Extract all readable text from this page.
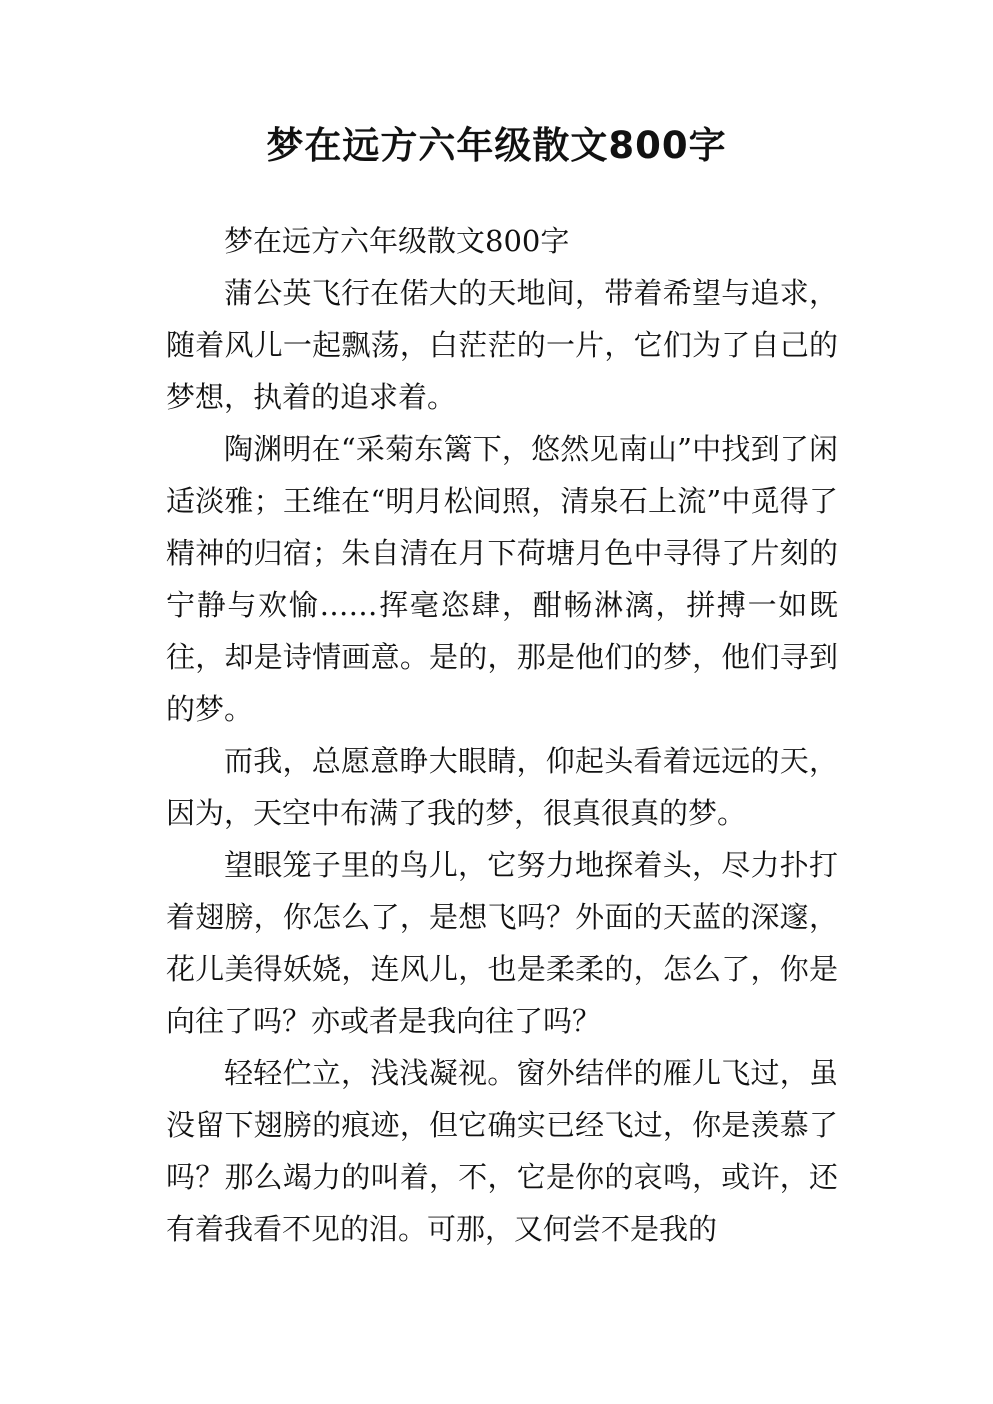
梦在远方六年级散文800字

梦在远方六年级散文800字

蒲公英飞行在偌大的天地间，带着希望与追求，随着风儿一起飘荡，白茫茫的一片，它们为了自己的梦想，执着的追求着。

陶渊明在“采菊东篱下，悠然见南山”中找到了闲适淡雅；王维在“明月松间照，清泉石上流”中觅得了精神的归宿；朱自清在月下荷塘月色中寻得了片刻的宁静与欢愉……挥毫恣肆，酣畅淋漓，拼搏一如既往，却是诗情画意。是的，那是他们的梦，他们寻到的梦。

而我，总愿意睁大眼睛，仰起头看着远远的天，因为，天空中布满了我的梦，很真很真的梦。

望眼笼子里的鸟儿，它努力地探着头，尽力扑打着翅膀，你怎么了，是想飞吗？外面的天蓝的深邃，花儿美得妖娆，连风儿，也是柔柔的，怎么了，你是向往了吗？亦或者是我向往了吗？

轻轻伫立，浅浅凝视。窗外结伴的雁儿飞过，虽没留下翅膀的痕迹，但它确实已经飞过，你是羡慕了吗？那么竭力的叫着，不，它是你的哀鸣，或许，还有着我看不见的泪。可那，又何尝不是我的
